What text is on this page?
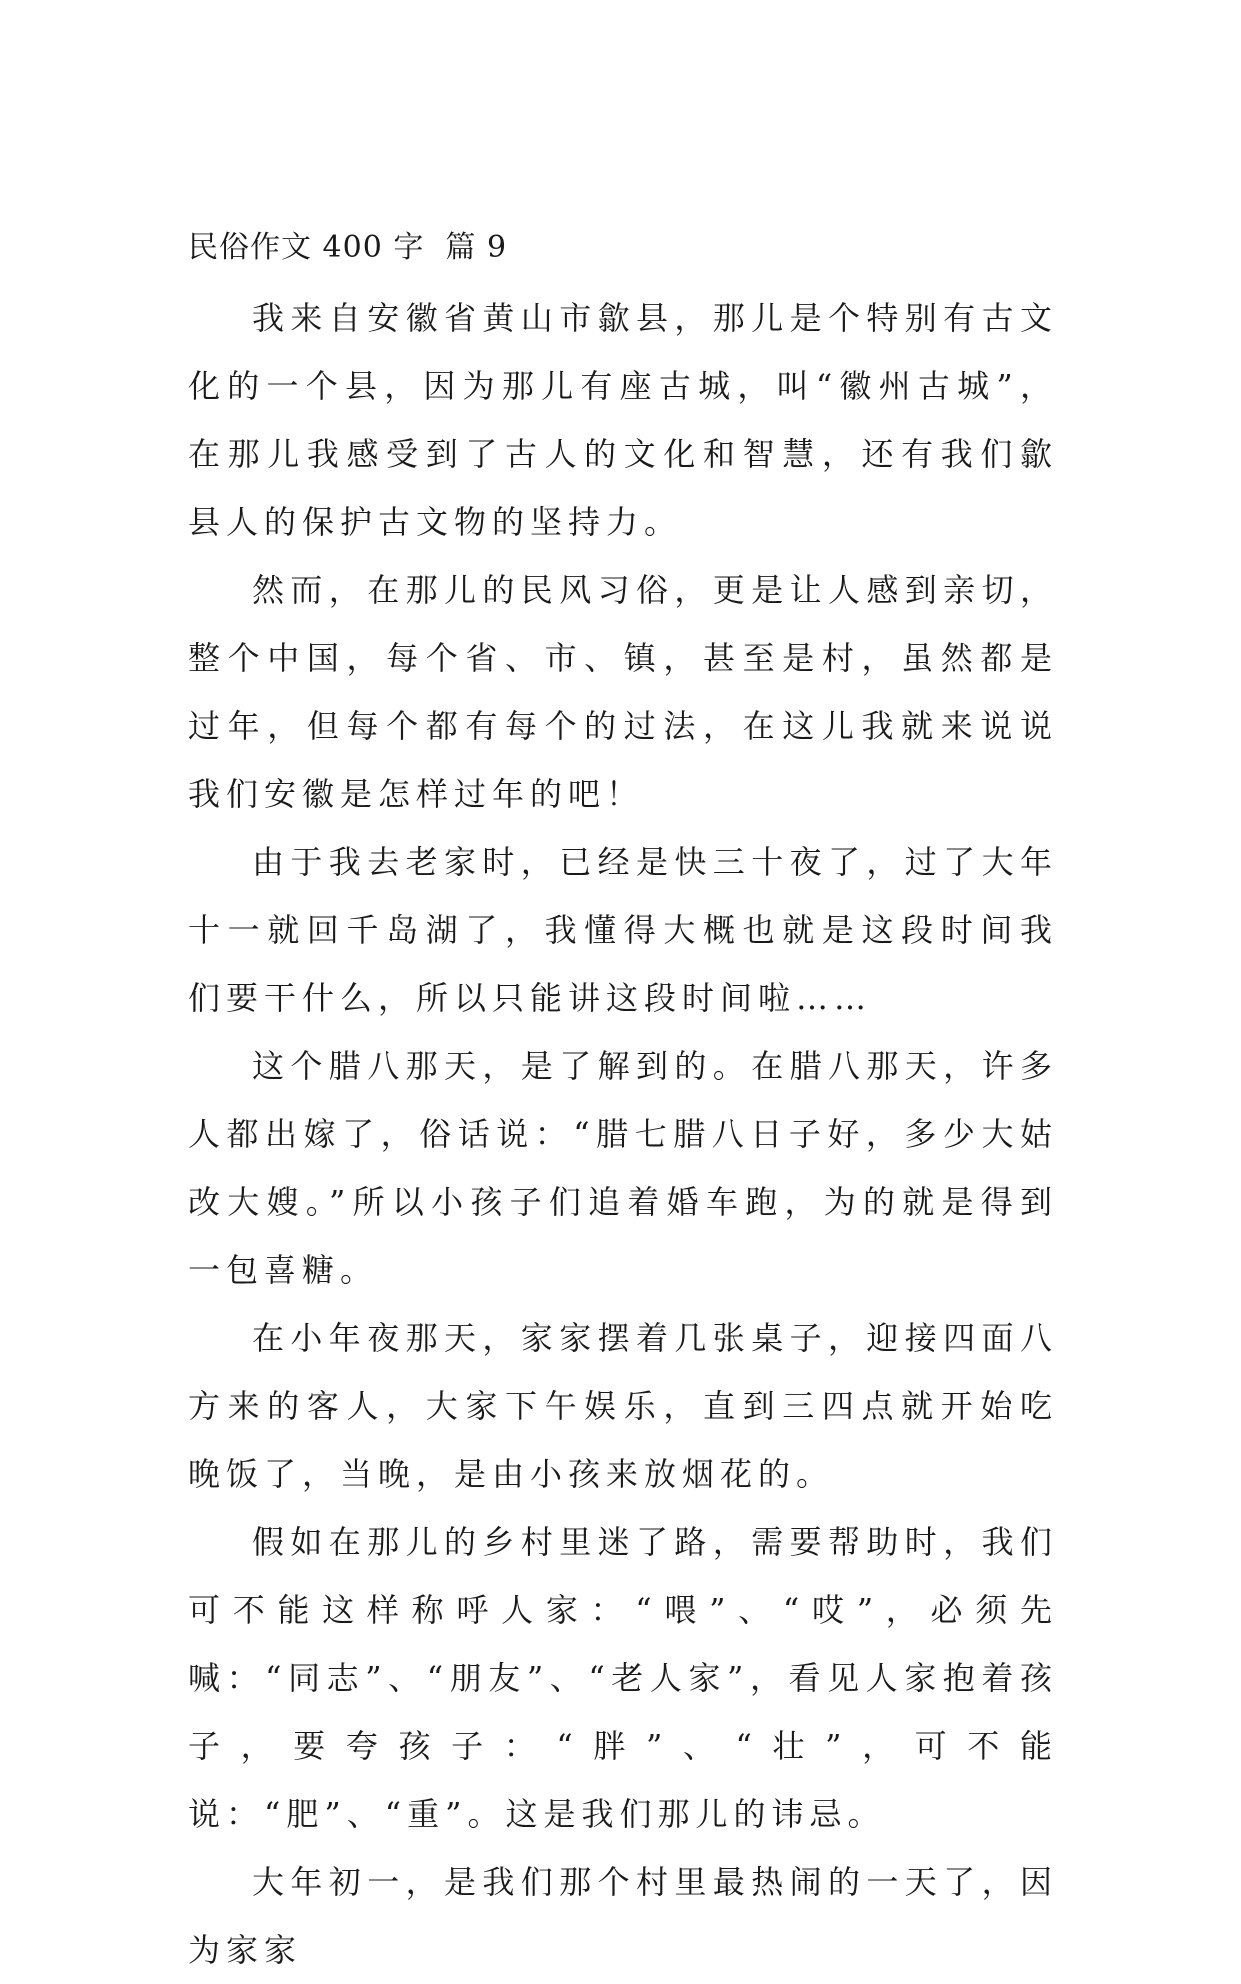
民俗作文 400 字  篇 9

我来自安徽省黄山市歙县，那儿是个特别有古文化的一个县，因为那儿有座古城，叫“徽州古城”，在那儿我感受到了古人的文化和智慧，还有我们歙县人的保护古文物的坚持力。

然而，在那儿的民风习俗，更是让人感到亲切，整个中国，每个省、市、镇，甚至是村，虽然都是过年，但每个都有每个的过法，在这儿我就来说说我们安徽是怎样过年的吧！

由于我去老家时，已经是快三十夜了，过了大年十一就回千岛湖了，我懂得大概也就是这段时间我们要干什么，所以只能讲这段时间啦……

这个腊八那天，是了解到的。在腊八那天，许多人都出嫁了，俗话说：“腊七腊八日子好，多少大姑改大嫂。”所以小孩子们追着婚车跑，为的就是得到一包喜糖。

在小年夜那天，家家摆着几张桌子，迎接四面八方来的客人，大家下午娱乐，直到三四点就开始吃晚饭了，当晚，是由小孩来放烟花的。

假如在那儿的乡村里迷了路，需要帮助时，我们可不能这样称呼人家：“喂”、“哎”，必须先喊：“同志”、“朋友”、“老人家”，看见人家抱着孩子，要夸孩子：“胖”、“壮”，可不能说：“肥”、“重”。这是我们那儿的讳忌。

大年初一，是我们那个村里最热闹的一天了，因为家家
